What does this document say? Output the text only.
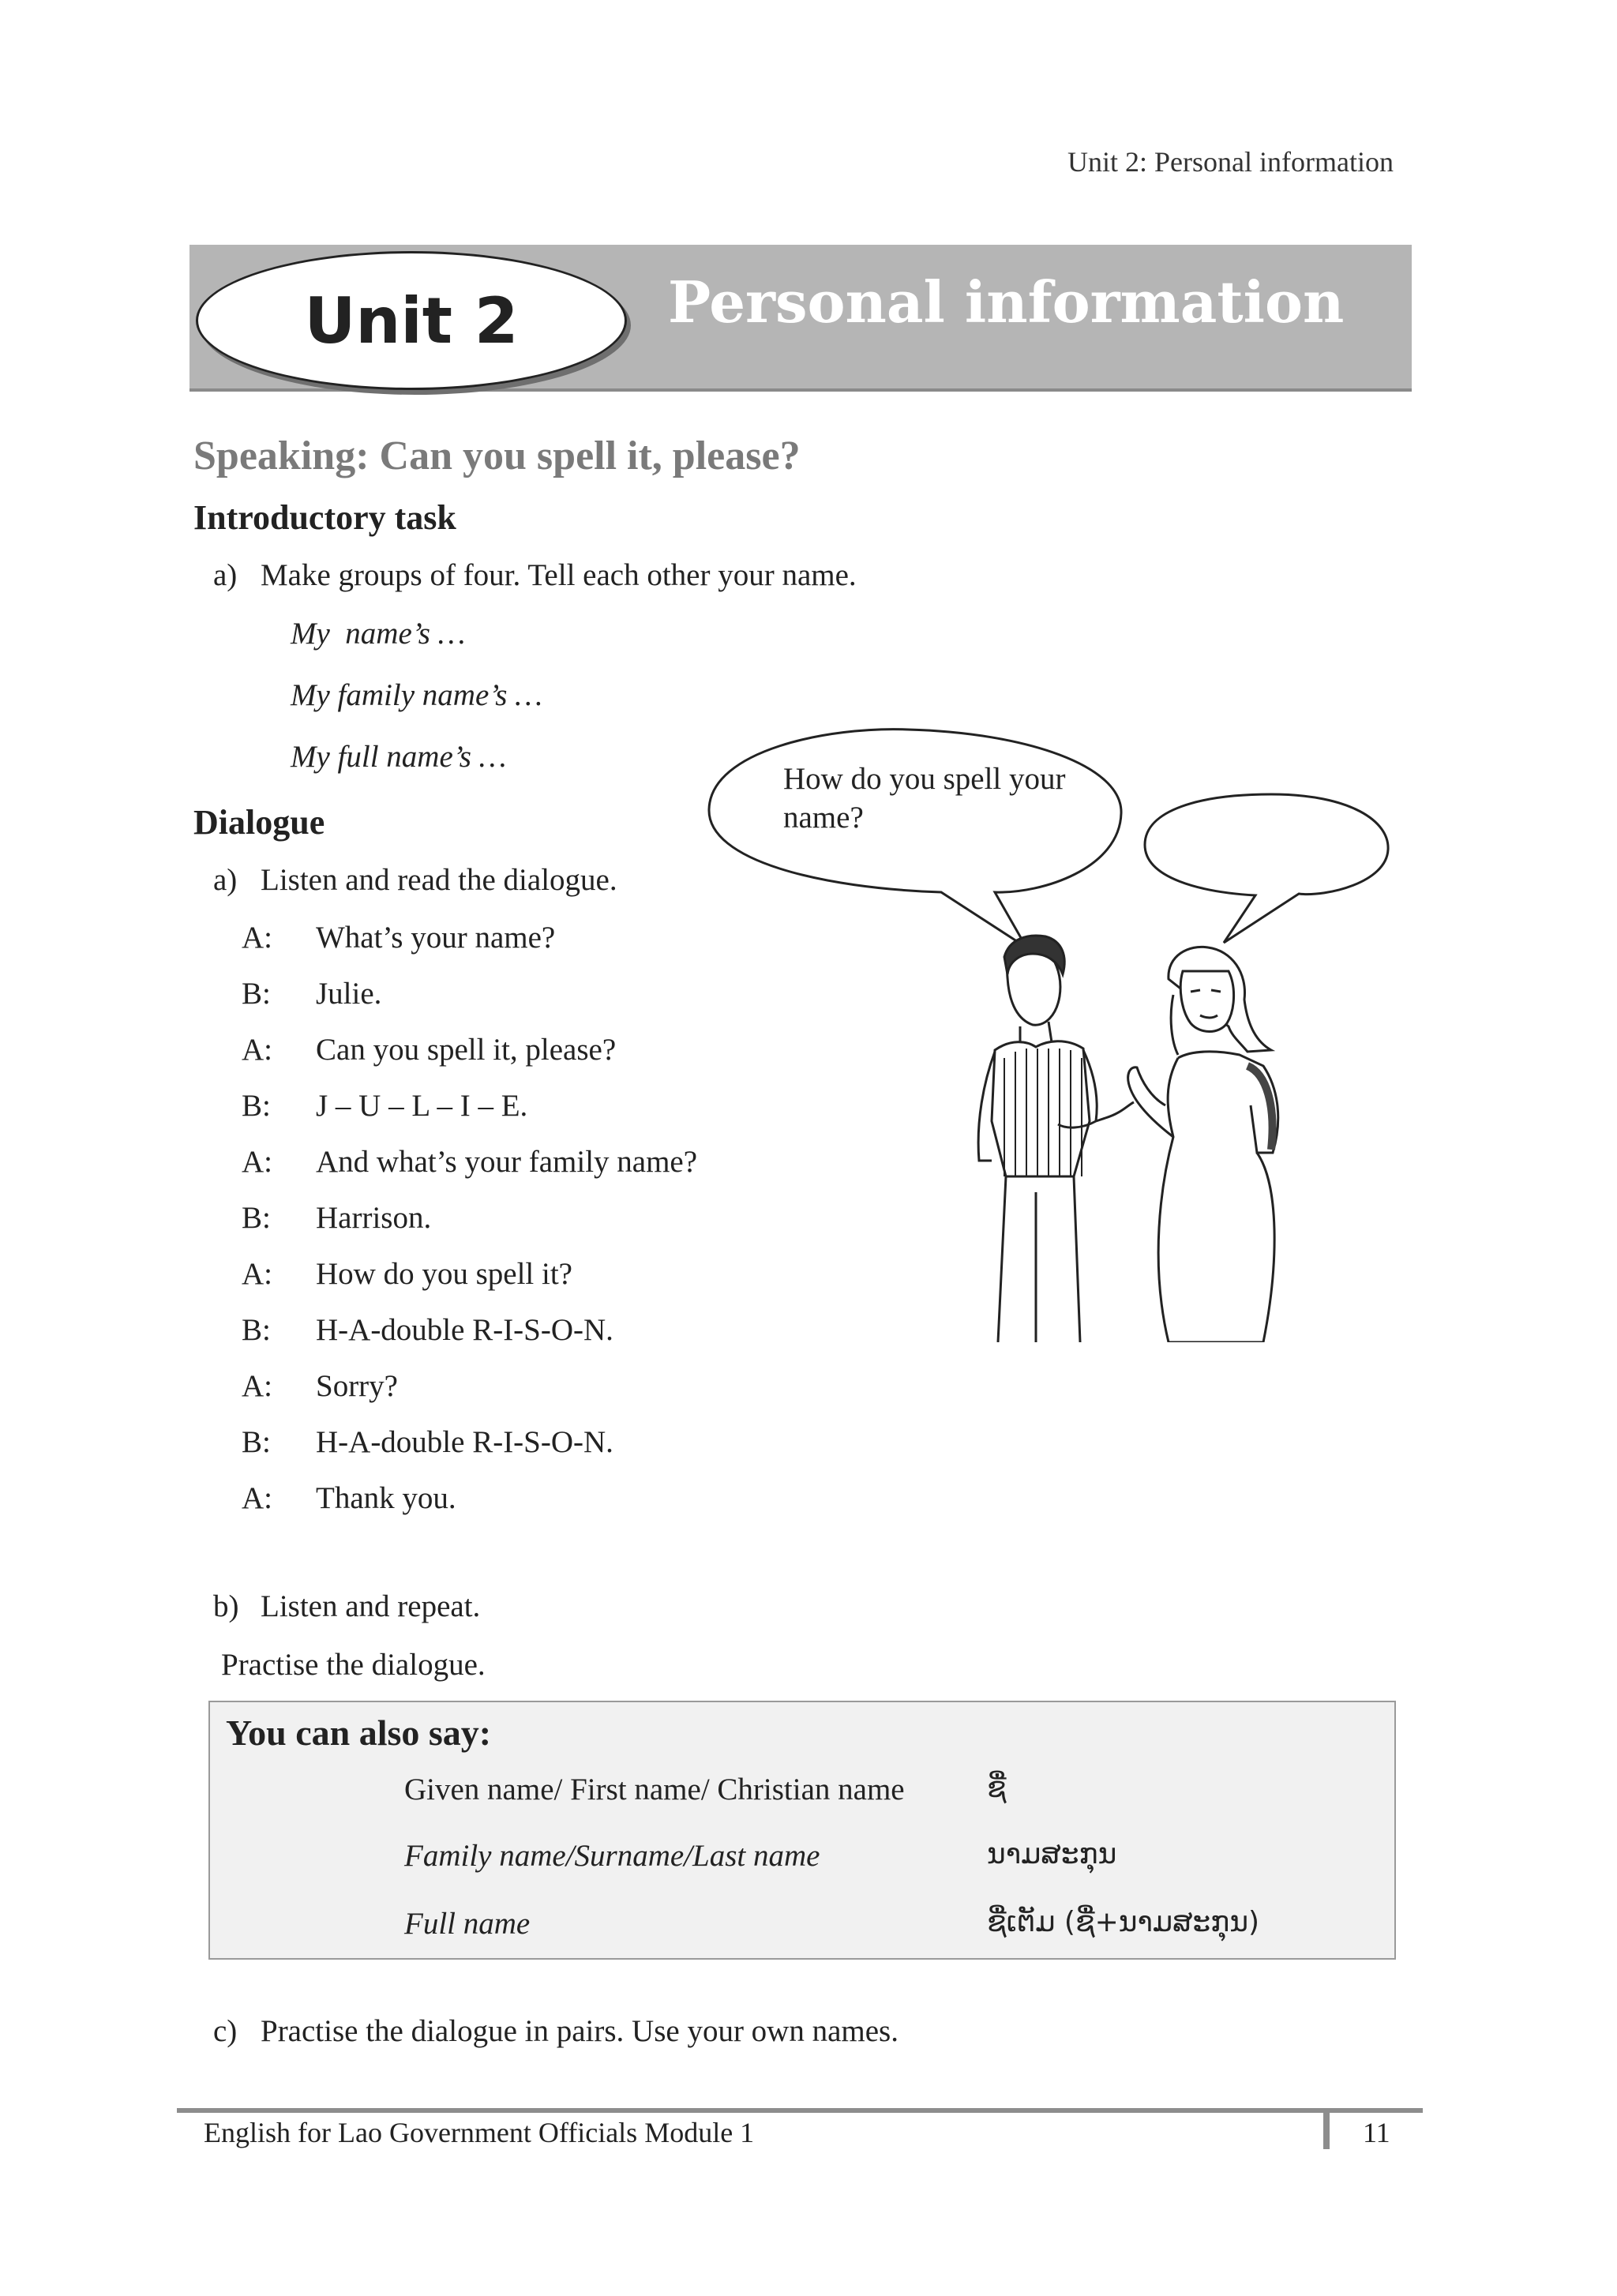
Unit 2: Personal information
Unit 2	Personal information
Speaking: Can you spell it, please?
Introductory task
a) Make groups of four. Tell each other your name.
My  name’s …
My family name’s …
My full name’s …
Dialogue
a) Listen and read the dialogue.
A: What’s your name?
B: Julie.
A: Can you spell it, please?
B: J – U – L – I – E.
A: And what’s your family name?
B: Harrison.
A: How do you spell it?
B: H-A-double R-I-S-O-N.
A: Sorry?
B: H-A-double R-I-S-O-N.
A: Thank you.
b) Listen and repeat.
Practise the dialogue.
How do you spell your name?
You can also say:
Given name/ First name/ Christian name	ຊື່
Family name/Surname/Last name	ນາມສະກຸນ
Full name	ຊື່ເຕັມ (ຊື່+ນາມສະກຸນ)
c) Practise the dialogue in pairs. Use your own names.
English for Lao Government Officials Module 1	11
